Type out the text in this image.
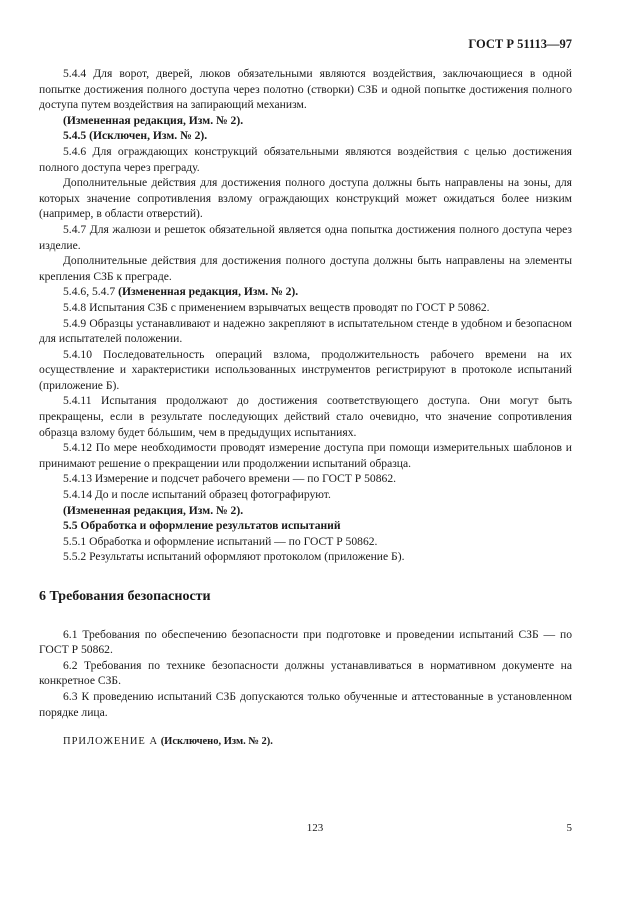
ГОСТ Р 51113—97

5.4.4 Для ворот, дверей, люков обязательными являются воздействия, заключающиеся в одной попытке достижения полного доступа через полотно (створки) СЗБ и одной попытке достижения полного доступа путем воздействия на запирающий механизм.

(Измененная редакция, Изм. № 2).

5.4.5 (Исключен, Изм. № 2).

5.4.6 Для ограждающих конструкций обязательными являются воздействия с целью достижения полного доступа через преграду.

Дополнительные действия для достижения полного доступа должны быть направлены на зоны, для которых значение сопротивления взлому ограждающих конструкций может ожидаться более низким (например, в области отверстий).

5.4.7 Для жалюзи и решеток обязательной является одна попытка достижения полного доступа через изделие.

Дополнительные действия для достижения полного доступа должны быть направлены на элементы крепления СЗБ к преграде.

5.4.6, 5.4.7 (Измененная редакция, Изм. № 2).

5.4.8 Испытания СЗБ с применением взрывчатых веществ проводят по ГОСТ Р 50862.

5.4.9 Образцы устанавливают и надежно закрепляют в испытательном стенде в удобном и безопасном для испытателей положении.

5.4.10 Последовательность операций взлома, продолжительность рабочего времени на их осуществление и характеристики использованных инструментов регистрируют в протоколе испытаний (приложение Б).

5.4.11 Испытания продолжают до достижения соответствующего доступа. Они могут быть прекращены, если в результате последующих действий стало очевидно, что значение сопротивления образца взлому будет бóльшим, чем в предыдущих испытаниях.

5.4.12 По мере необходимости проводят измерение доступа при помощи измерительных шаблонов и принимают решение о прекращении или продолжении испытаний образца.

5.4.13 Измерение и подсчет рабочего времени — по ГОСТ Р 50862.

5.4.14 До и после испытаний образец фотографируют.

(Измененная редакция, Изм. № 2).

5.5 Обработка и оформление результатов испытаний

5.5.1 Обработка и оформление испытаний — по ГОСТ Р 50862.

5.5.2 Результаты испытаний оформляют протоколом (приложение Б).

6 Требования безопасности

6.1 Требования по обеспечению безопасности при подготовке и проведении испытаний СЗБ — по ГОСТ Р 50862.

6.2 Требования по технике безопасности должны устанавливаться в нормативном документе на конкретное СЗБ.

6.3 К проведению испытаний СЗБ допускаются только обученные и аттестованные в установленном порядке лица.

ПРИЛОЖЕНИЕ А (Исключено, Изм. № 2).

123	5
